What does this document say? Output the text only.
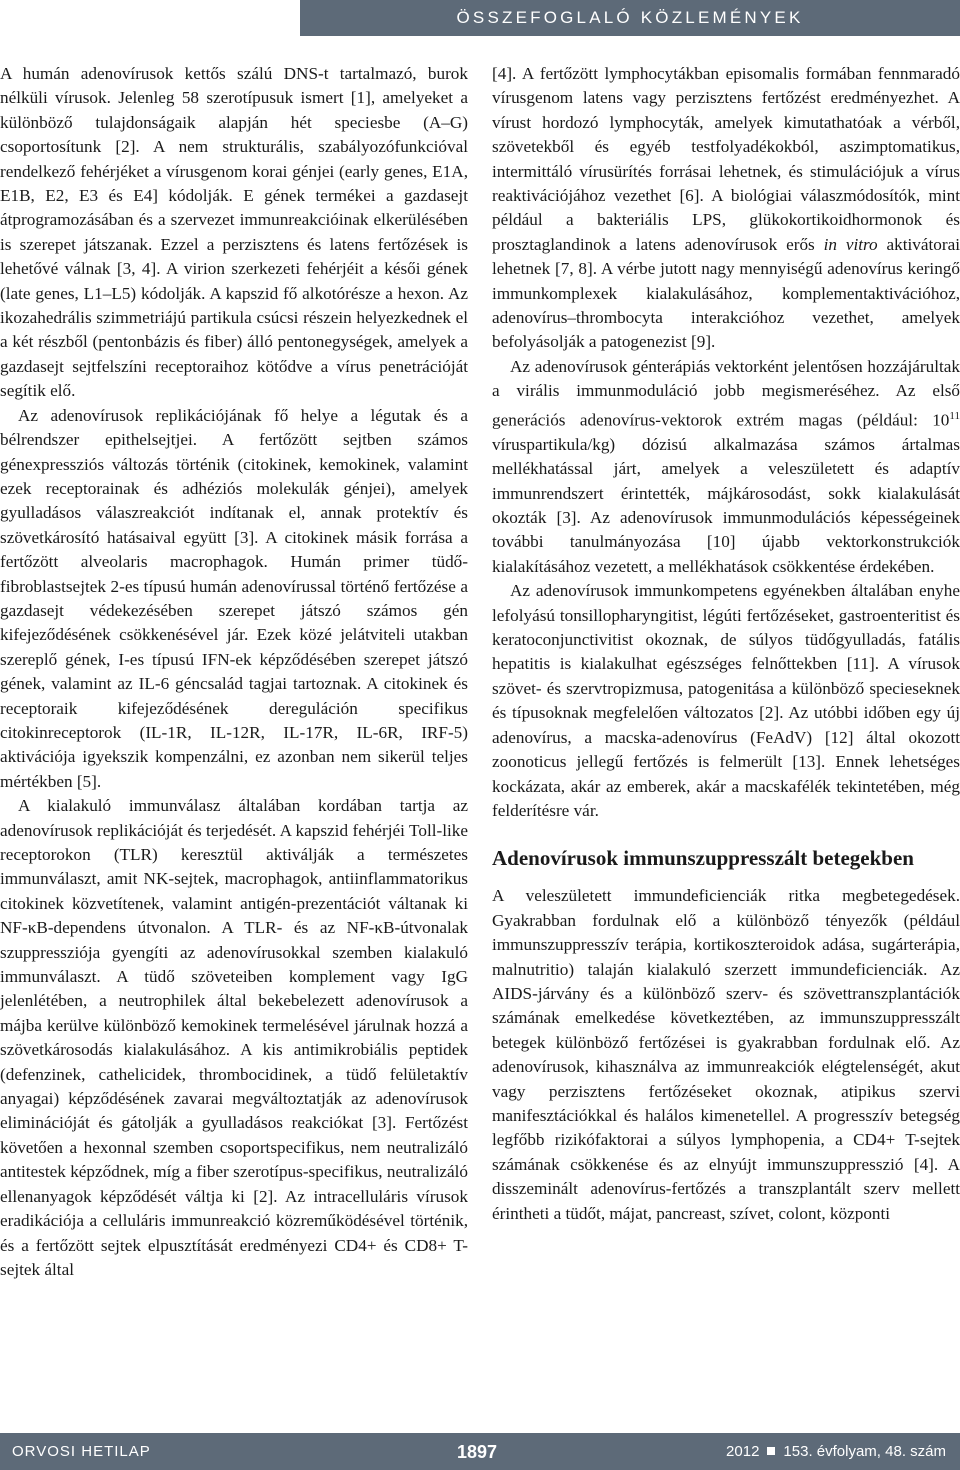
ÖSSZEFOGLALÓ KÖZLEMÉNYEK

A humán adenovírusok kettős szálú DNS-t tartalmazó, burok nélküli vírusok. Jelenleg 58 szerotípusuk ismert [1], amelyeket a különböző tulajdonságaik alapján hét speciesbe (A–G) csoportosítunk [2]. A nem strukturális, szabályozófunkcióval rendelkező fehérjéket a vírusgenom korai génjei (early genes, E1A, E1B, E2, E3 és E4] kódolják. E gének termékei a gazdasejt átprogramozásában és a szervezet immunreakcióinak elkerülésében is szerepet játszanak. Ezzel a perzisztens és latens fertőzések is lehetővé válnak [3, 4]. A virion szerkezeti fehérjéit a késői gének (late genes, L1–L5) kódolják. A kapszid fő alkotórésze a hexon. Az ikozahedrális szimmetriájú partikula csúcsi részein helyezkednek el a két részből (pentonbázis és fiber) álló pentonegységek, amelyek a gazdasejt sejtfelszíni receptoraihoz kötődve a vírus penetrációját segítik elő.

Az adenovírusok replikációjának fő helye a légutak és a bélrendszer epithelsejtjei. A fertőzött sejtben számos génexpressziós változás történik (citokinek, kemokinek, valamint ezek receptorainak és adhéziós molekulák génjei), amelyek gyulladásos válaszreakciót indítanak el, annak protektív és szövetkárosító hatásaival együtt [3]. A citokinek másik forrása a fertőzött alveolaris macrophagok. Humán primer tüdő-fibroblastsejtek 2-es típusú humán adenovírussal történő fertőzése a gazdasejt védekezésében szerepet játszó számos gén kifejeződésének csökkenésével jár. Ezek közé jelátviteli utakban szereplő gének, I-es típusú IFN-ek képződésében szerepet játszó gének, valamint az IL-6 géncsalád tagjai tartoznak. A citokinek és receptoraik kifejeződésének dereguláción specifikus citokinreceptorok (IL-1R, IL-12R, IL-17R, IL-6R, IRF-5) aktivációja igyekszik kompenzálni, ez azonban nem sikerül teljes mértékben [5].

A kialakuló immunválasz általában kordában tartja az adenovírusok replikációját és terjedését. A kapszid fehérjéi Toll-like receptorokon (TLR) keresztül aktiválják a természetes immunválaszt, amit NK-sejtek, macrophagok, antiinflammatorikus citokinek közvetítenek, valamint antigén-prezentációt váltanak ki NF-κB-dependens útvonalon. A TLR- és az NF-κB-útvonalak szuppressziója gyengíti az adenovírusokkal szemben kialakuló immunválaszt. A tüdő szöveteiben komplement vagy IgG jelenlétében, a neutrophilek által bekebelezett adenovírusok a májba kerülve különböző kemokinek termelésével járulnak hozzá a szövetkárosodás kialakulásához. A kis antimikrobiális peptidek (defenzinek, cathelicidek, thrombocidinek, a tüdő felületaktív anyagai) képződésének zavarai megváltoztatják az adenovírusok eliminációját és gátolják a gyulladásos reakciókat [3]. Fertőzést követően a hexonnal szemben csoportspecifikus, nem neutralizáló antitestek képződnek, míg a fiber szerotípus-specifikus, neutralizáló ellenanyagok képződését váltja ki [2]. Az intracelluláris vírusok eradikációja a celluláris immunreakció közreműködésével történik, és a fertőzött sejtek elpusztítását eredményezi CD4+ és CD8+ T-sejtek által

[4]. A fertőzött lymphocytákban episomalis formában fennmaradó vírusgenom latens vagy perzisztens fertőzést eredményezhet. A vírust hordozó lymphocyták, amelyek kimutathatóak a vérből, szövetekből és egyéb testfolyadékokból, aszimptomatikus, intermittáló vírusürítés forrásai lehetnek, és stimulációjuk a vírus reaktivációjához vezethet [6]. A biológiai válaszmódosítók, mint például a bakteriális LPS, glükokortikoidhormonok és prosztaglandinok a latens adenovírusok erős in vitro aktivátorai lehetnek [7, 8]. A vérbe jutott nagy mennyiségű adenovírus keringő immunkomplexek kialakulásához, komplementaktivációhoz, adenovírus–thrombocyta interakcióhoz vezethet, amelyek befolyásolják a patogenezist [9].

Az adenovírusok génterápiás vektorként jelentősen hozzájárultak a virális immunmoduláció jobb megismeréséhez. Az első generációs adenovírus-vektorok extrém magas (például: $10^{11}$ víruspartikula/kg) dózisú alkalmazása számos ártalmas mellékhatással járt, amelyek a veleszületett és adaptív immunrendszert érintették, májkárosodást, sokk kialakulását okozták [3]. Az adenovírusok immunmodulációs képességeinek további tanulmányozása [10] újabb vektorkonstrukciók kialakításához vezetett, a mellékhatások csökkentése érdekében.

Az adenovírusok immunkompetens egyénekben általában enyhe lefolyású tonsillopharyngitist, légúti fertőzéseket, gastroenteritist és keratoconjunctivitist okoznak, de súlyos tüdőgyulladás, fatális hepatitis is kialakulhat egészséges felnőttekben [11]. A vírusok szövet- és szervtropizmusa, patogenitása a különböző specieseknek és típusoknak megfelelően változatos [2]. Az utóbbi időben egy új adenovírus, a macska-adenovírus (FeAdV) [12] által okozott zoonoticus jellegű fertőzés is felmerült [13]. Ennek lehetséges kockázata, akár az emberek, akár a macskafélék tekintetében, még felderítésre vár.

Adenovírusok immunszuppresszált betegekben

A veleszületett immundeficienciák ritka megbetegedések. Gyakrabban fordulnak elő a különböző tényezők (például immunszuppresszív terápia, kortikoszteroidok adása, sugárterápia, malnutritio) talaján kialakuló szerzett immundeficienciák. Az AIDS-járvány és a különböző szerv- és szövettranszplantációk számának emelkedése következtében, az immunszuppresszált betegek különböző fertőzései is gyakrabban fordulnak elő. Az adenovírusok, kihasználva az immunreakciók elégtelenségét, akut vagy perzisztens fertőzéseket okoznak, atipikus szervi manifesztációkkal és halálos kimenetellel. A progresszív betegség legfőbb rizikófaktorai a súlyos lymphopenia, a CD4+ T-sejtek számának csökkenése és az elnyújt immunszuppresszió [4]. A disszeminált adenovírus-fertőzés a transzplantált szerv mellett érintheti a tüdőt, májat, pancreast, szívet, colont, központi

ORVOSI HETILAP	1897	2012 153. évfolyam, 48. szám
